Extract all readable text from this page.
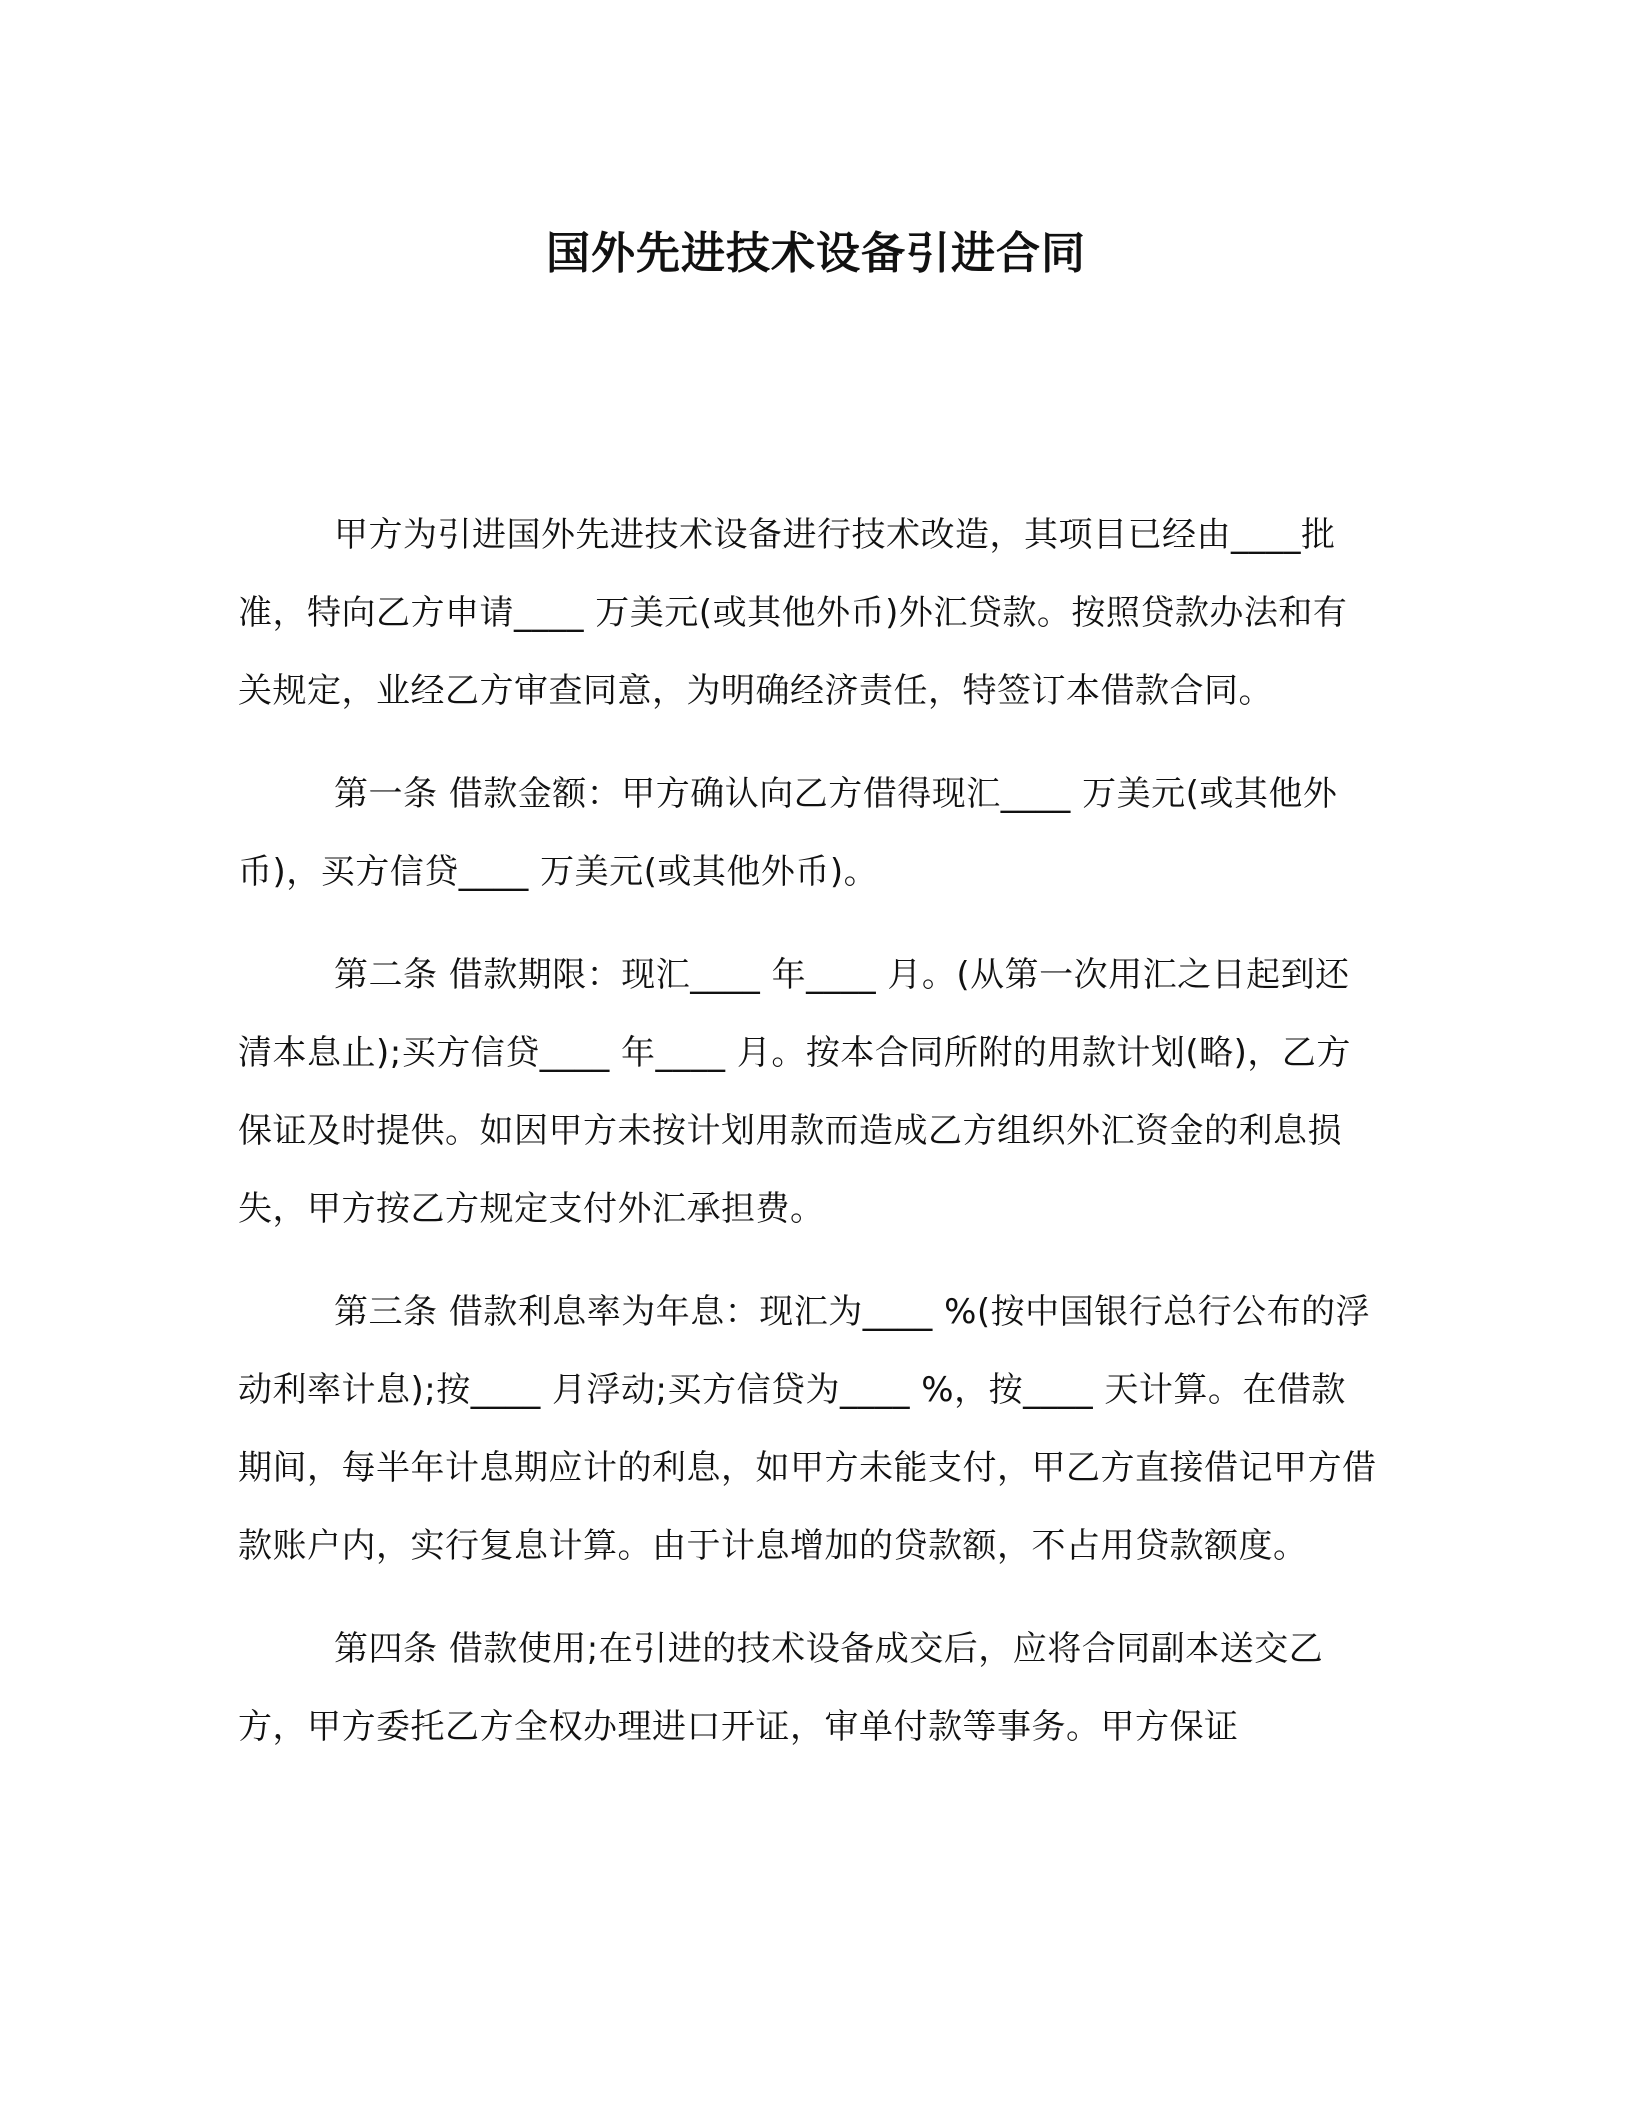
国外先进技术设备引进合同

甲方为引进国外先进技术设备进行技术改造，其项目已经由____批准，特向乙方申请____ 万美元(或其他外币)外汇贷款。按照贷款办法和有关规定，业经乙方审查同意，为明确经济责任，特签订本借款合同。

第一条 借款金额：甲方确认向乙方借得现汇____ 万美元(或其他外币)，买方信贷____ 万美元(或其他外币)。

第二条 借款期限：现汇____ 年____ 月。(从第一次用汇之日起到还清本息止);买方信贷____ 年____ 月。按本合同所附的用款计划(略)，乙方保证及时提供。如因甲方未按计划用款而造成乙方组织外汇资金的利息损失，甲方按乙方规定支付外汇承担费。

第三条 借款利息率为年息：现汇为____ %(按中国银行总行公布的浮动利率计息);按____ 月浮动;买方信贷为____ %，按____ 天计算。在借款期间，每半年计息期应计的利息，如甲方未能支付，甲乙方直接借记甲方借款账户内，实行复息计算。由于计息增加的贷款额，不占用贷款额度。

第四条 借款使用;在引进的技术设备成交后，应将合同副本送交乙方，甲方委托乙方全权办理进口开证，审单付款等事务。甲方保证
